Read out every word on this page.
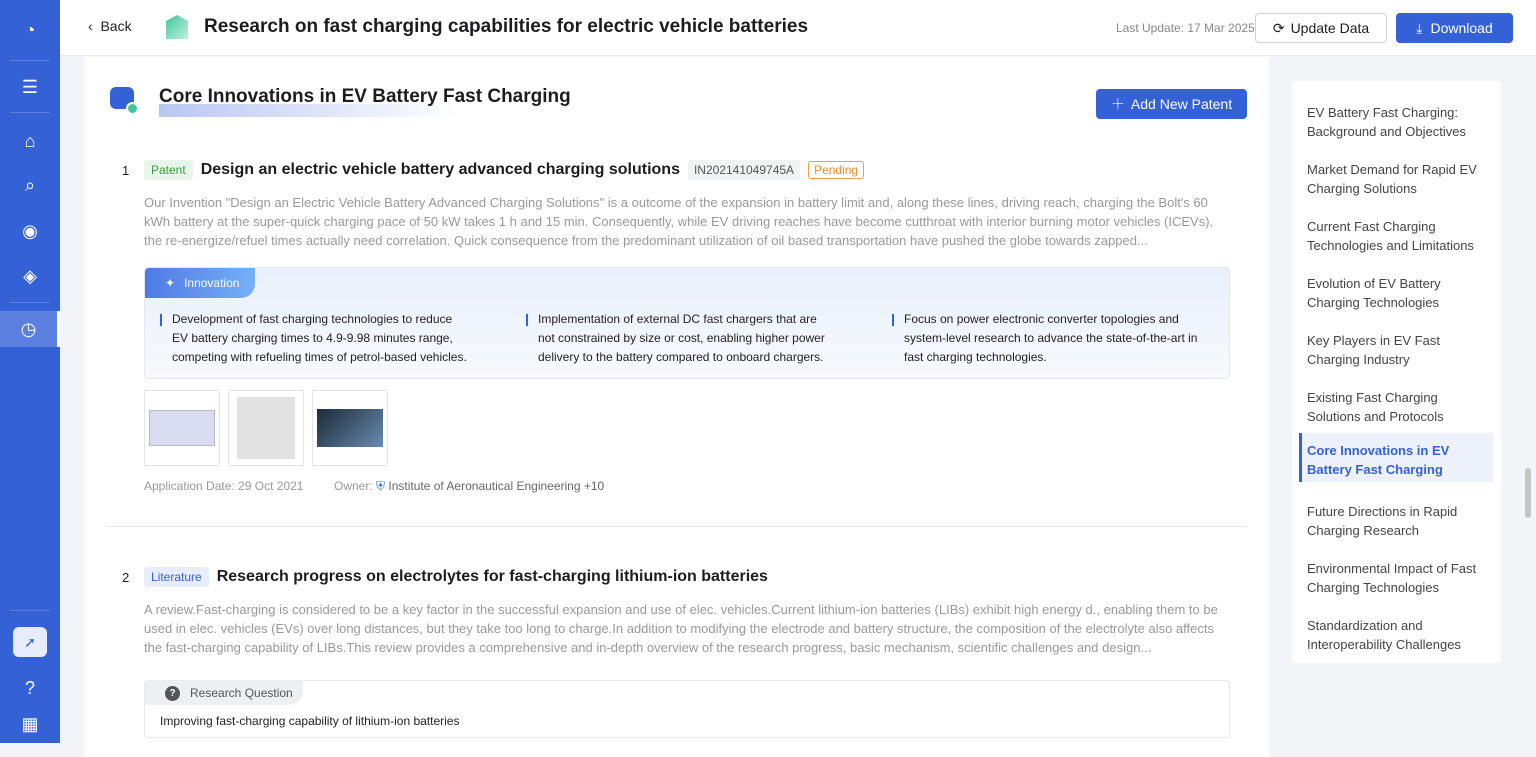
◔
☰
⌂
⌕
◉
◈
◷
➚
?
▦
‹  Back	Research on fast charging capabilities for electric vehicle batteries	Last Update: 17 Mar 2025 ⟳ Update Data	⤓ Download
Core Innovations in EV Battery Fast Charging	＋ Add New Patent
1	Patent Design an electric vehicle battery advanced charging solutions	IN202141049745A	Pending
Our Invention "Design an Electric Vehicle Battery Advanced Charging Solutions" is a outcome of the expansion in battery limit and, along these lines, driving reach, charging the Bolt's 60 kWh battery at the super-quick charging pace of 50 kW takes 1 h and 15 min. Consequently, while EV driving reaches have become cutthroat with interior burning motor vehicles (ICEVs), the re-energize/refuel times actually need correlation. Quick consequence from the predominant utilization of oil based transportation have pushed the globe towards zapped...
✦ Innovation
Development of fast charging technologies to reduce EV battery charging times to 4.9-9.98 minutes range, competing with refueling times of petrol-based vehicles.
Implementation of external DC fast chargers that are not constrained by size or cost, enabling higher power delivery to the battery compared to onboard chargers.
Focus on power electronic converter topologies and system-level research to advance the state-of-the-art in fast charging technologies.
Application Date: 29 Oct 2021	Owner: ⛨ Institute of Aeronautical Engineering +10
2	Literature Research progress on electrolytes for fast-charging lithium-ion batteries
A review.Fast-charging is considered to be a key factor in the successful expansion and use of elec. vehicles.Current lithium-ion batteries (LIBs) exhibit high energy d., enabling them to be used in elec. vehicles (EVs) over long distances, but they take too long to charge.In addition to modifying the electrode and battery structure, the composition of the electrolyte also affects the fast-charging capability of LIBs.This review provides a comprehensive and in-depth overview of the research progress, basic mechanism, scientific challenges and design...
?	Research Question
Improving fast-charging capability of lithium-ion batteries
EV Battery Fast Charging: Background and Objectives
Market Demand for Rapid EV Charging Solutions
Current Fast Charging Technologies and Limitations
Evolution of EV Battery Charging Technologies
Key Players in EV Fast Charging Industry
Existing Fast Charging Solutions and Protocols
Core Innovations in EV Battery Fast Charging
Future Directions in Rapid Charging Research
Environmental Impact of Fast Charging Technologies
Standardization and Interoperability Challenges
